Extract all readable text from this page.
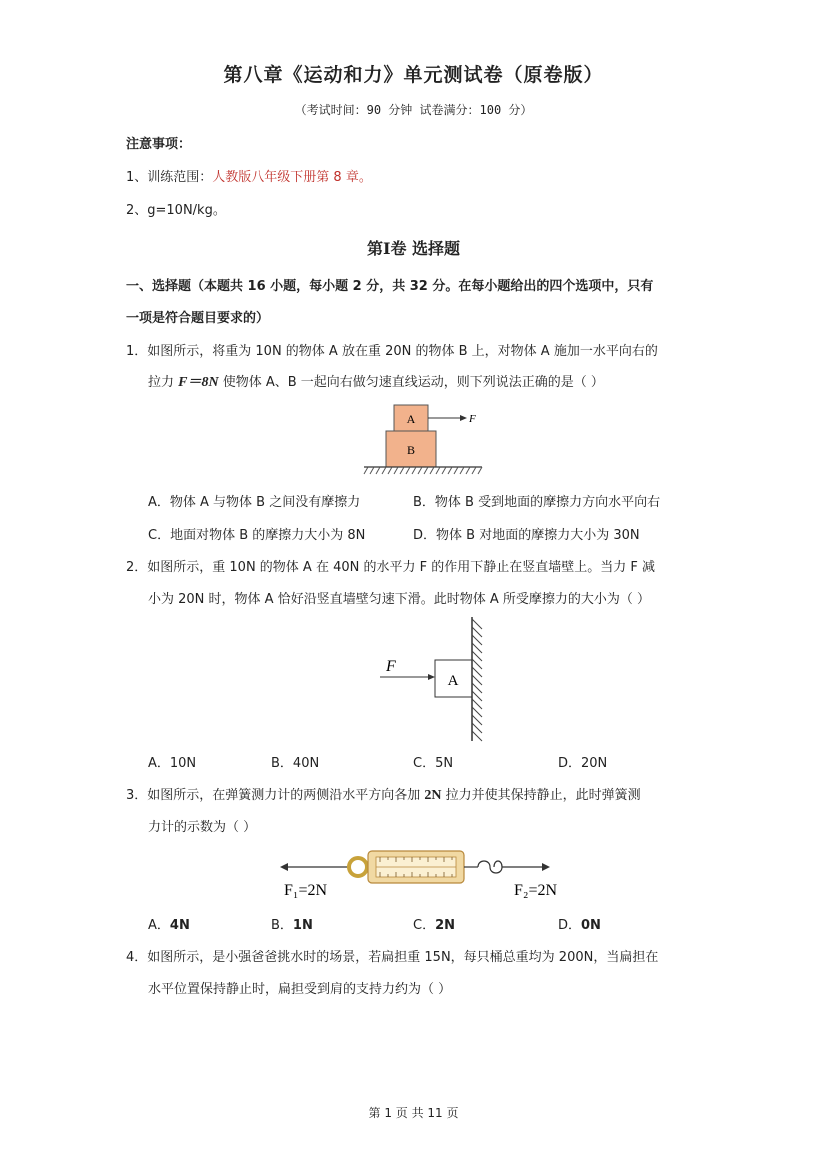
第八章《运动和力》单元测试卷（原卷版）
（考试时间：90 分钟 试卷满分：100 分）
注意事项：
1、训练范围：人教版八年级下册第 8 章。
2、g=10N/kg。
第Ⅰ卷 选择题
一、选择题（本题共 16 小题，每小题 2 分，共 32 分。在每小题给出的四个选项中，只有
一项是符合题目要求的）
1．如图所示，将重为 10N 的物体 A 放在重 20N 的物体 B 上，对物体 A 施加一水平向右的
拉力 F＝8N 使物体 A、B 一起向右做匀速直线运动，则下列说法正确的是（ ）
A	F
B
A．物体 A 与物体 B 之间没有摩擦力	B．物体 B 受到地面的摩擦力方向水平向右
C．地面对物体 B 的摩擦力大小为 8N	D．物体 B 对地面的摩擦力大小为 30N
2．如图所示，重 10N 的物体 A 在 40N 的水平力 F 的作用下静止在竖直墙壁上。当力 F 减
小为 20N 时，物体 A 恰好沿竖直墙壁匀速下滑。此时物体 A 所受摩擦力的大小为（ ）
F
A
A．10N	B．40N	C．5N	D．20N
3．如图所示，在弹簧测力计的两侧沿水平方向各加 2N 拉力并使其保持静止，此时弹簧测
力计的示数为（ ）
F₁=2N	F₂=2N
A．4N	B．1N	C．2N	D．0N
4．如图所示，是小强爸爸挑水时的场景，若扁担重 15N，每只桶总重均为 200N，当扁担在
水平位置保持静止时，扁担受到肩的支持力约为（ ）
第 1 页 共 11 页
